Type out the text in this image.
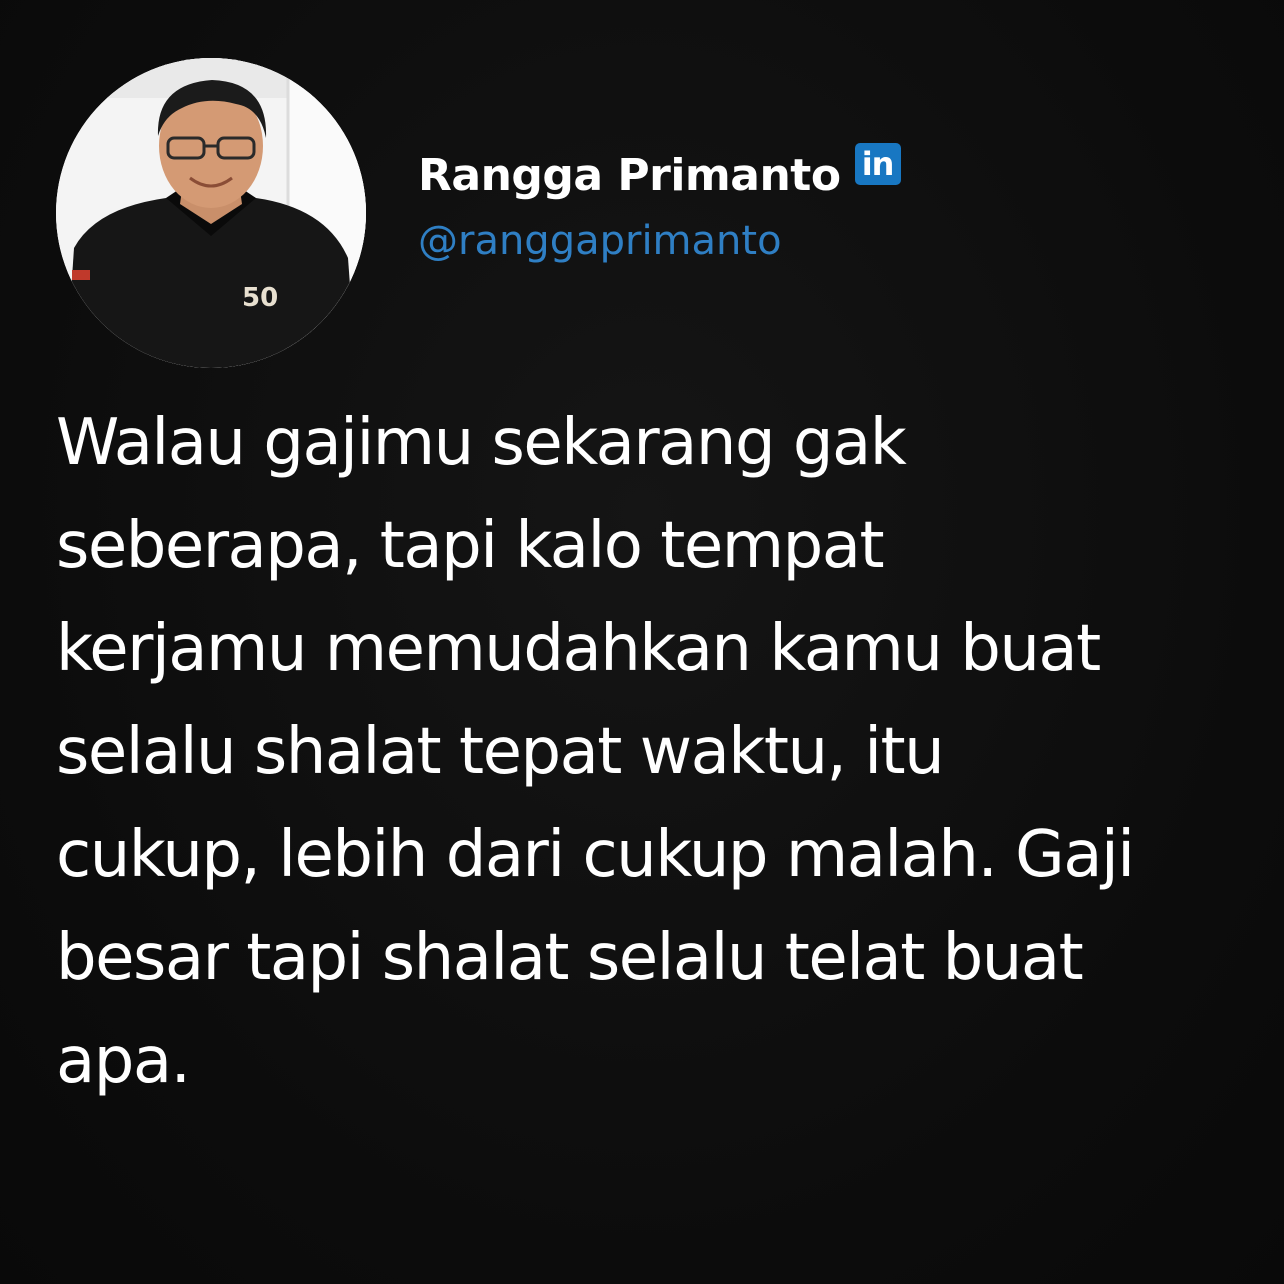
50
Rangga Primanto in
@ranggaprimanto
Walau gajimu sekarang gak
seberapa, tapi kalo tempat
kerjamu memudahkan kamu buat
selalu shalat tepat waktu, itu
cukup, lebih dari cukup malah. Gaji
besar tapi shalat selalu telat buat
apa.
